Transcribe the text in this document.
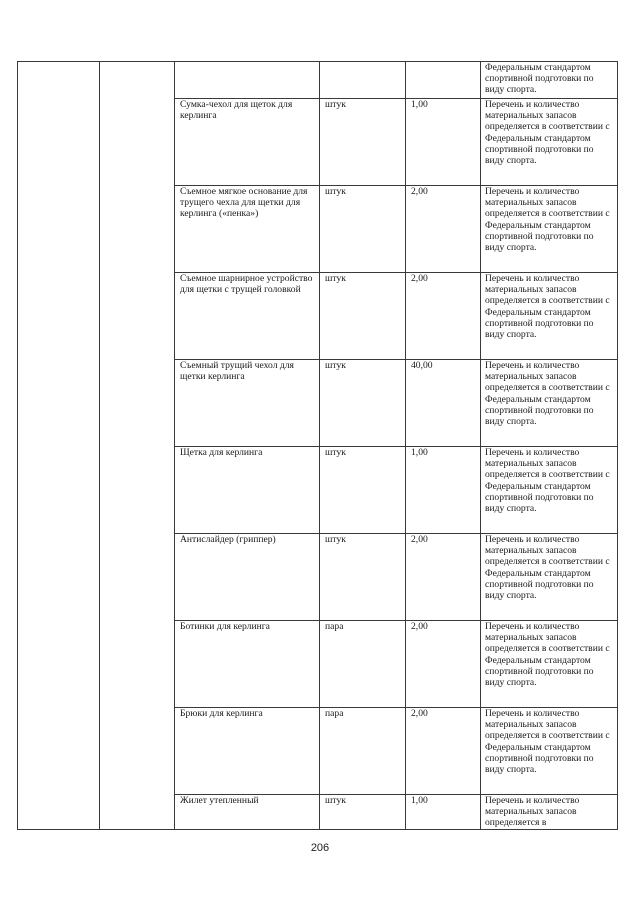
					Федеральным стандартом спортивной подготовки по виду спорта.
		Сумка-чехол для щеток для керлинга	штук	1,00	Перечень и количество материальных запасов определяется в соответствии с Федеральным стандартом спортивной подготовки по виду спорта.
		Съемное мягкое основание для трущего чехла для щетки для керлинга («пенка»)	штук	2,00	Перечень и количество материальных запасов определяется в соответствии с Федеральным стандартом спортивной подготовки по виду спорта.
		Съемное шарнирное устройство для щетки с трущей головкой	штук	2,00	Перечень и количество материальных запасов определяется в соответствии с Федеральным стандартом спортивной подготовки по виду спорта.
		Съемный трущий чехол для щетки керлинга	штук	40,00	Перечень и количество материальных запасов определяется в соответствии с Федеральным стандартом спортивной подготовки по виду спорта.
		Щетка для керлинга	штук	1,00	Перечень и количество материальных запасов определяется в соответствии с Федеральным стандартом спортивной подготовки по виду спорта.
		Антислайдер (гриппер)	штук	2,00	Перечень и количество материальных запасов определяется в соответствии с Федеральным стандартом спортивной подготовки по виду спорта.
		Ботинки для керлинга	пара	2,00	Перечень и количество материальных запасов определяется в соответствии с Федеральным стандартом спортивной подготовки по виду спорта.
		Брюки для керлинга	пара	2,00	Перечень и количество материальных запасов определяется в соответствии с Федеральным стандартом спортивной подготовки по виду спорта.
		Жилет утепленный	штук	1,00	Перечень и количество материальных запасов определяется в
206
